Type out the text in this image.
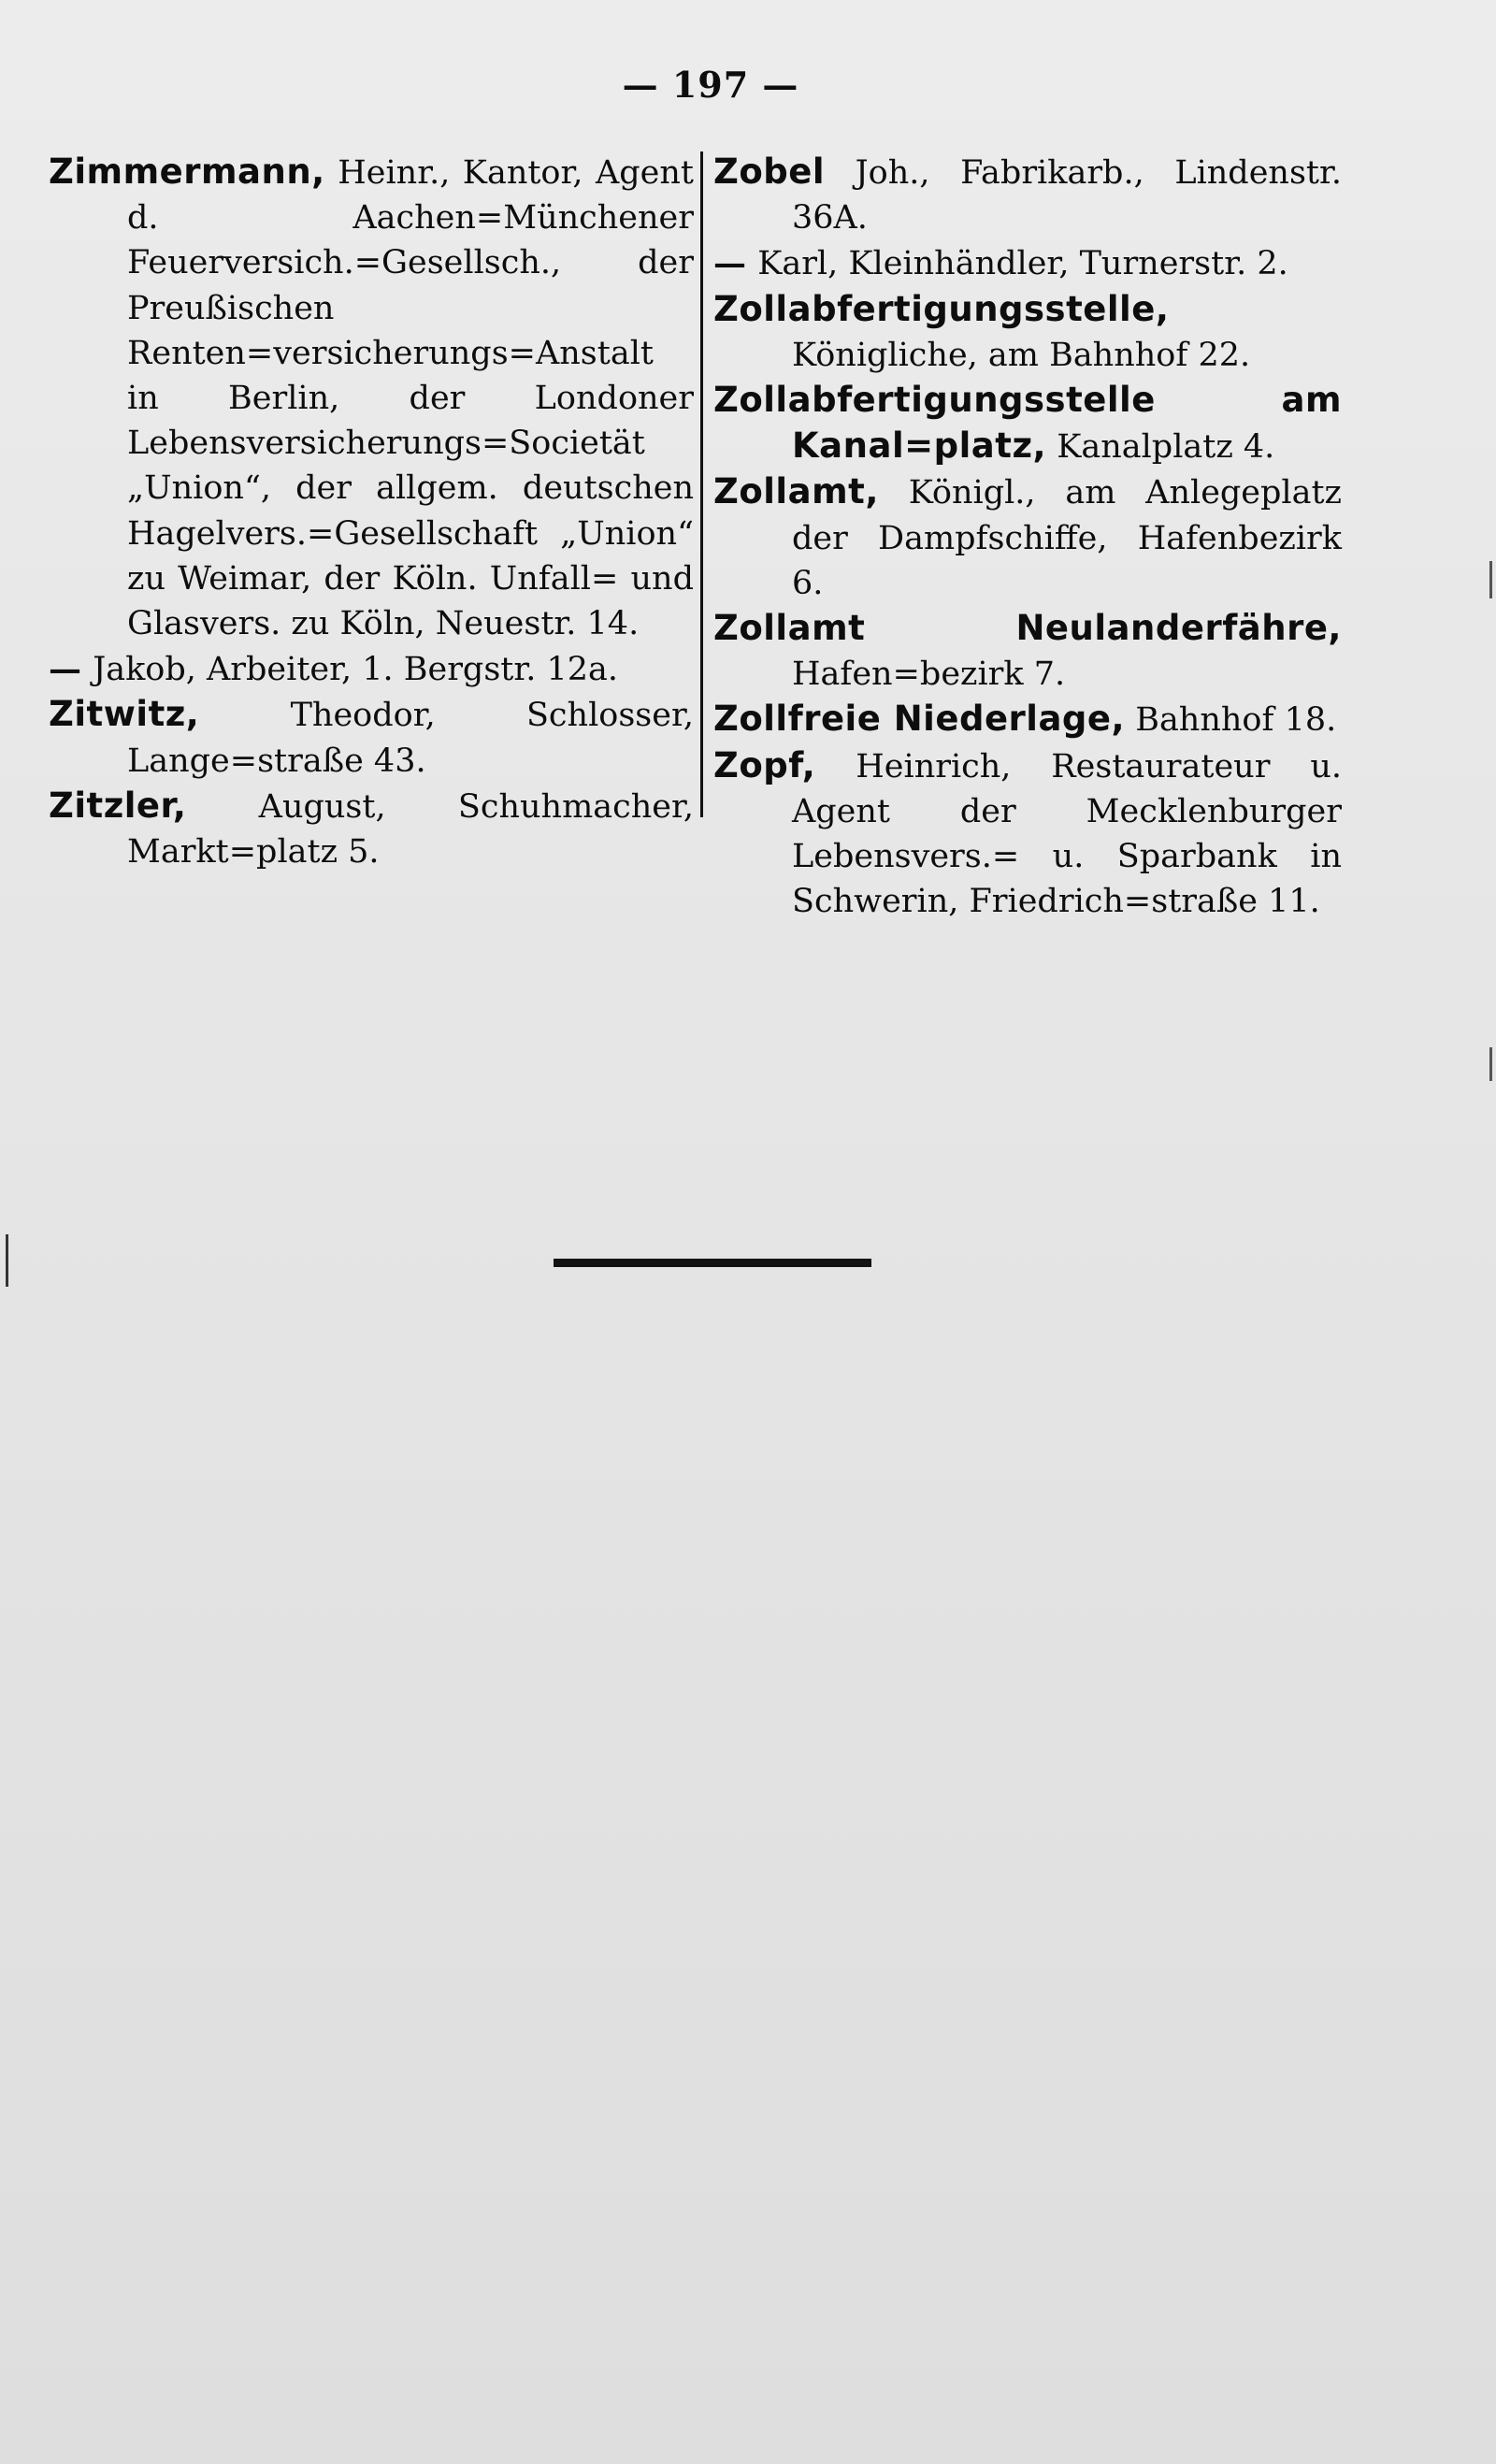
— 197 —
Zimmermann, Heinr., Kantor, Agent d. Aachen=Münchener Feuerversich.=Gesellsch., der Preußischen Renten=versicherungs=Anstalt in Berlin, der Londoner Lebensversicherungs=Societät „Union“, der allgem. deutschen Hagelvers.=Gesellschaft „Union“ zu Weimar, der Köln. Unfall= und Glasvers. zu Köln, Neuestr. 14.
— Jakob, Arbeiter, 1. Bergstr. 12a.
Zitwitz,	Theodor, Schlosser, Lange=straße 43.
Zitzler, August, Schuhmacher, Markt=platz 5.
Zobel Joh., Fabrikarb., Lindenstr. 36A.
— Karl, Kleinhändler, Turnerstr. 2.
Zollabfertigungsstelle, Königliche, am Bahnhof 22.
Zollabfertigungsstelle am Kanal=platz, Kanalplatz 4.
Zollamt, Königl., am Anlegeplatz der Dampfschiffe, Hafenbezirk 6.
Zollamt Neulanderfähre, Hafen=bezirk 7.
Zollfreie Niederlage, Bahnhof 18.
Zopf, Heinrich, Restaurateur u. Agent der Mecklenburger Lebensvers.= u. Sparbank in Schwerin, Friedrich=straße 11.
